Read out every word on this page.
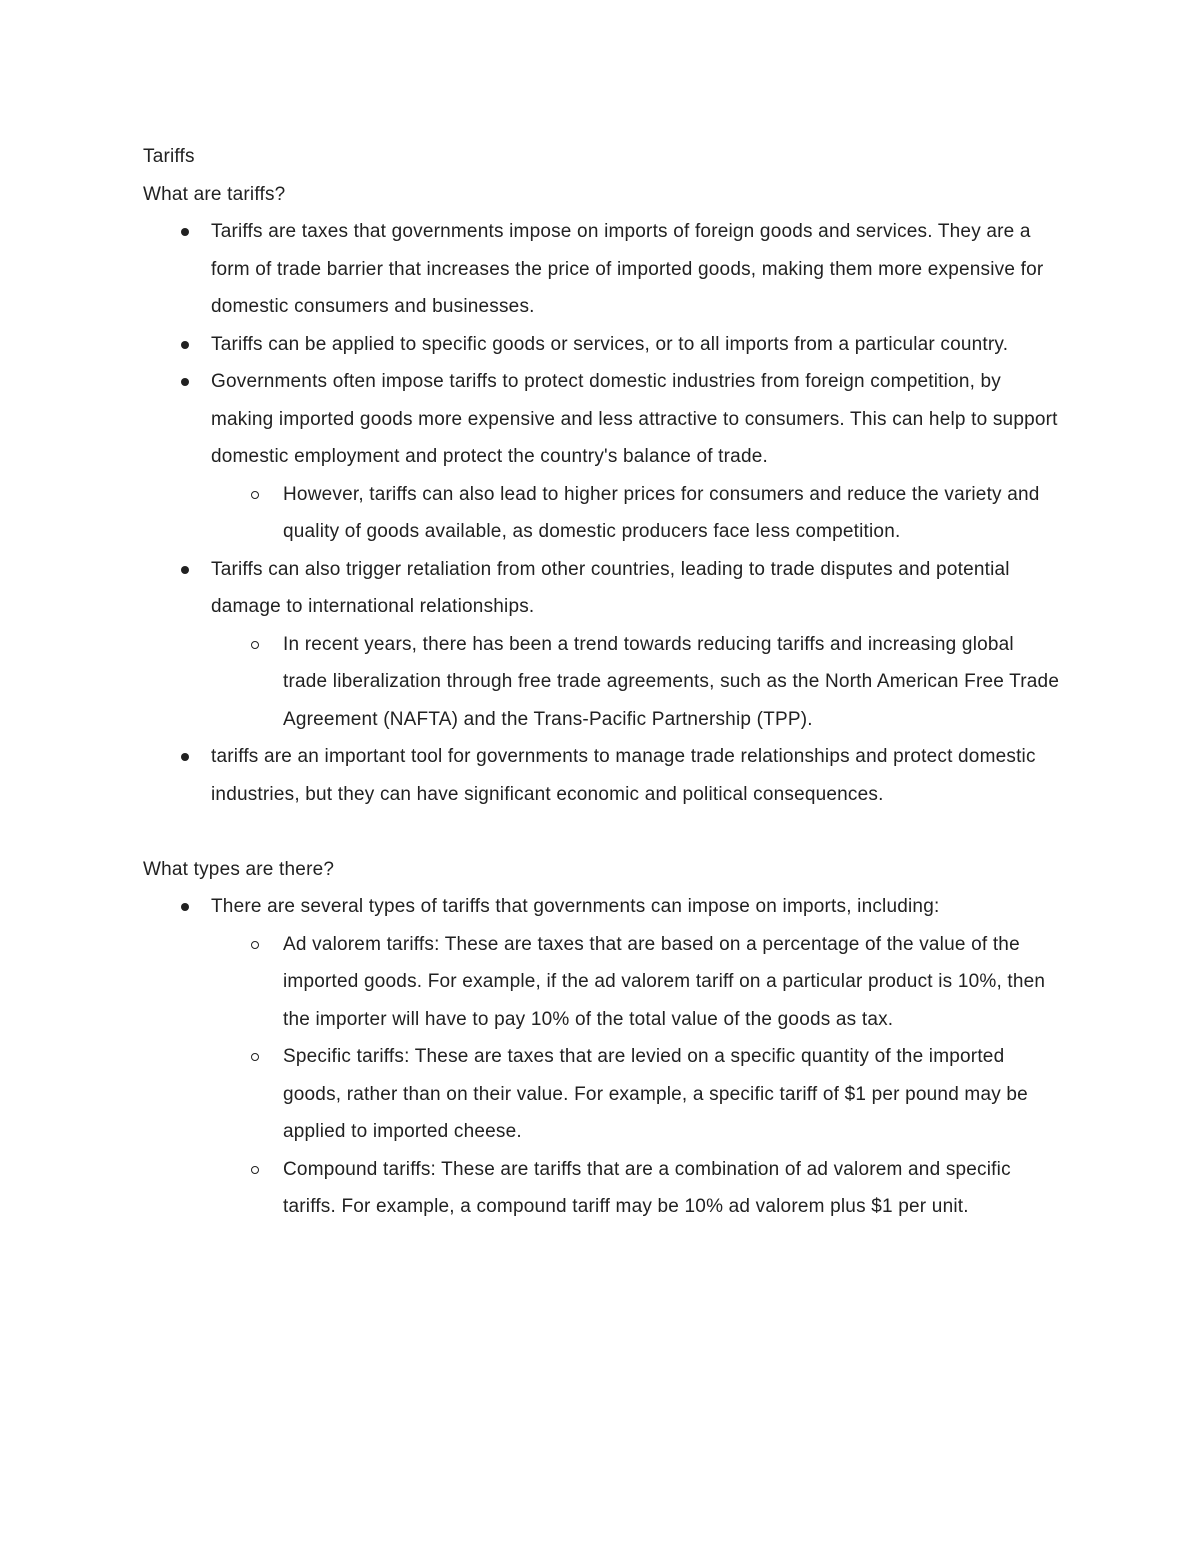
Tariffs
What are tariffs?
Tariffs are taxes that governments impose on imports of foreign goods and services. They are a form of trade barrier that increases the price of imported goods, making them more expensive for domestic consumers and businesses.
Tariffs can be applied to specific goods or services, or to all imports from a particular country.
Governments often impose tariffs to protect domestic industries from foreign competition, by making imported goods more expensive and less attractive to consumers. This can help to support domestic employment and protect the country's balance of trade.
However, tariffs can also lead to higher prices for consumers and reduce the variety and quality of goods available, as domestic producers face less competition.
Tariffs can also trigger retaliation from other countries, leading to trade disputes and potential damage to international relationships.
In recent years, there has been a trend towards reducing tariffs and increasing global trade liberalization through free trade agreements, such as the North American Free Trade Agreement (NAFTA) and the Trans-Pacific Partnership (TPP).
tariffs are an important tool for governments to manage trade relationships and protect domestic industries, but they can have significant economic and political consequences.
What types are there?
There are several types of tariffs that governments can impose on imports, including:
Ad valorem tariffs: These are taxes that are based on a percentage of the value of the imported goods. For example, if the ad valorem tariff on a particular product is 10%, then the importer will have to pay 10% of the total value of the goods as tax.
Specific tariffs: These are taxes that are levied on a specific quantity of the imported goods, rather than on their value. For example, a specific tariff of $1 per pound may be applied to imported cheese.
Compound tariffs: These are tariffs that are a combination of ad valorem and specific tariffs. For example, a compound tariff may be 10% ad valorem plus $1 per unit.
